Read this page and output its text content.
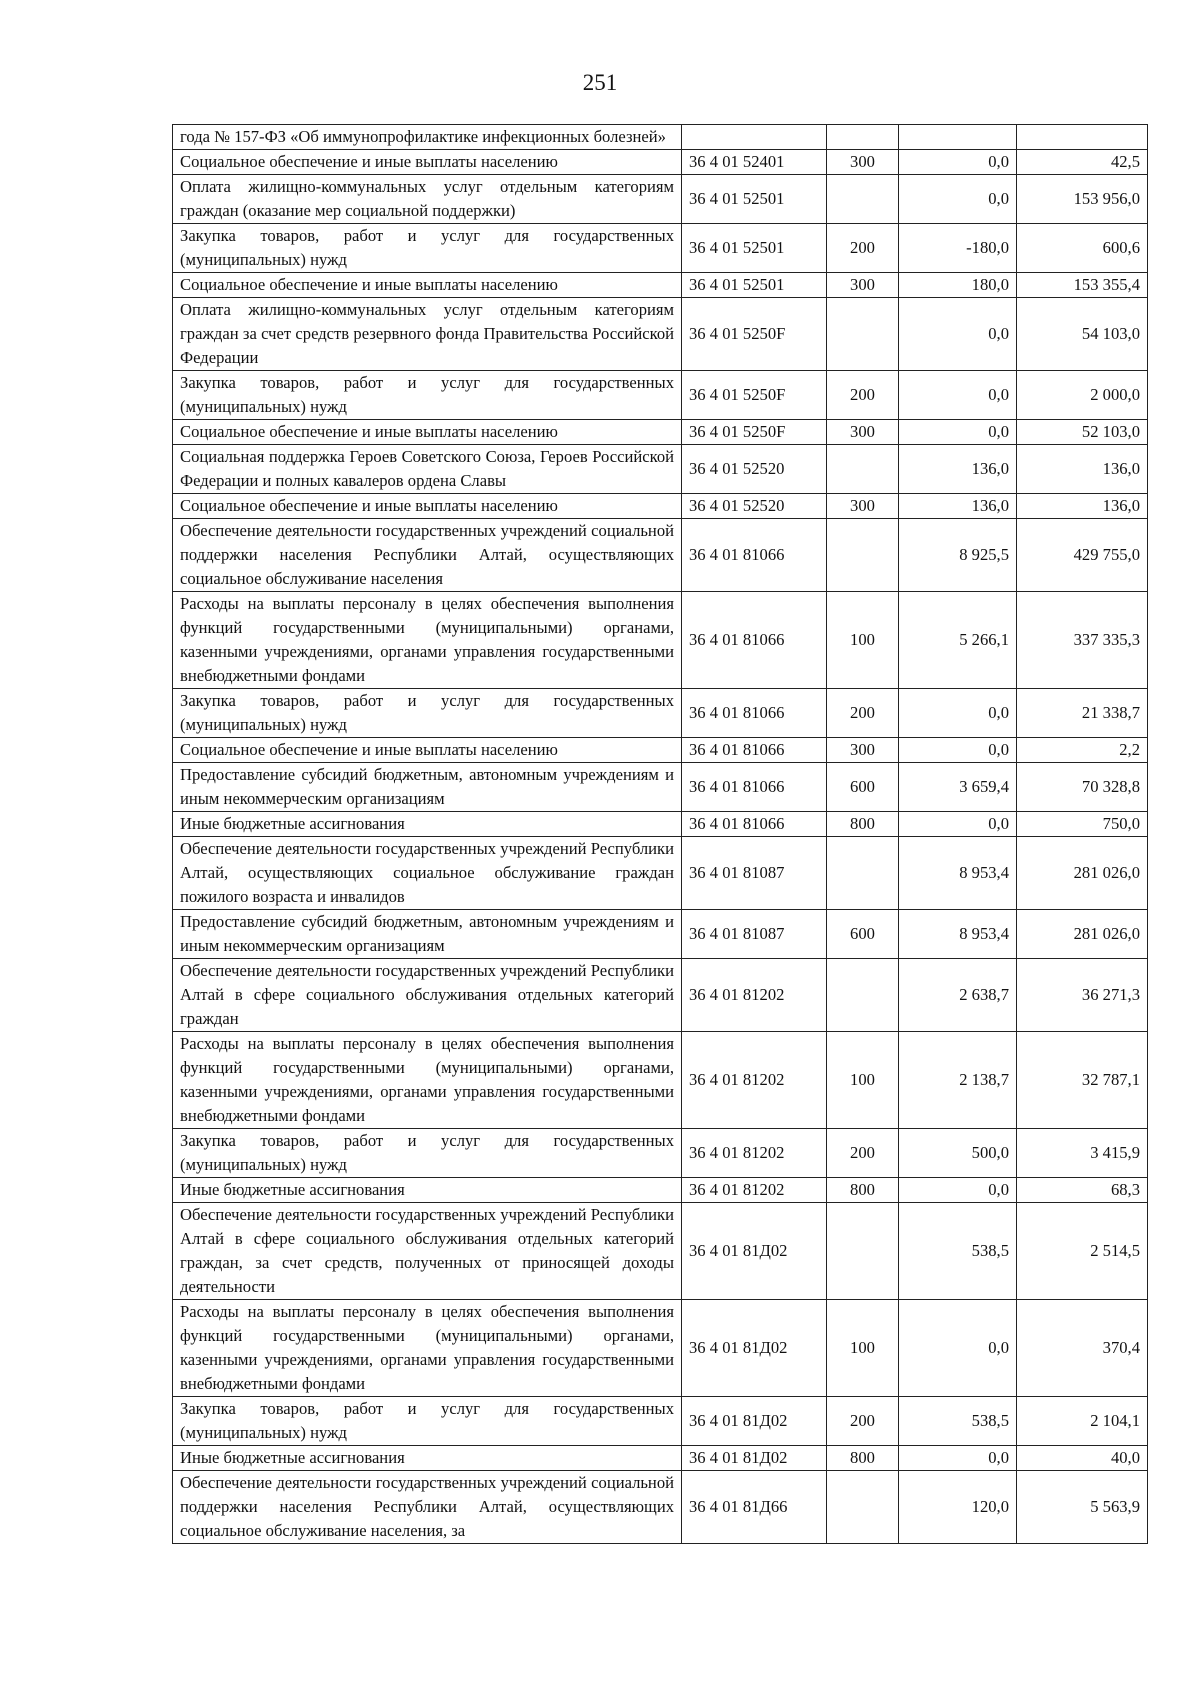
251
года № 157-ФЗ «Об иммунопрофилактике инфекционных болезней»				
Социальное обеспечение и иные выплаты населению	36 4 01 52401	300	0,0	42,5
Оплата жилищно-коммунальных услуг отдельным категориям граждан (оказание мер социальной поддержки)	36 4 01 52501		0,0	153 956,0
Закупка товаров, работ и услуг для государственных (муниципальных) нужд	36 4 01 52501	200	-180,0	600,6
Социальное обеспечение и иные выплаты населению	36 4 01 52501	300	180,0	153 355,4
Оплата жилищно-коммунальных услуг отдельным категориям граждан за счет средств резервного фонда Правительства Российской Федерации	36 4 01 5250F		0,0	54 103,0
Закупка товаров, работ и услуг для государственных (муниципальных) нужд	36 4 01 5250F	200	0,0	2 000,0
Социальное обеспечение и иные выплаты населению	36 4 01 5250F	300	0,0	52 103,0
Социальная поддержка Героев Советского Союза, Героев Российской Федерации и полных кавалеров ордена Славы	36 4 01 52520		136,0	136,0
Социальное обеспечение и иные выплаты населению	36 4 01 52520	300	136,0	136,0
Обеспечение деятельности государственных учреждений социальной поддержки населения Республики Алтай, осуществляющих социальное обслуживание населения	36 4 01 81066		8 925,5	429 755,0
Расходы на выплаты персоналу в целях обеспечения выполнения функций государственными (муниципальными) органами, казенными учреждениями, органами управления государственными внебюджетными фондами	36 4 01 81066	100	5 266,1	337 335,3
Закупка товаров, работ и услуг для государственных (муниципальных) нужд	36 4 01 81066	200	0,0	21 338,7
Социальное обеспечение и иные выплаты населению	36 4 01 81066	300	0,0	2,2
Предоставление субсидий бюджетным, автономным учреждениям и иным некоммерческим организациям	36 4 01 81066	600	3 659,4	70 328,8
Иные бюджетные ассигнования	36 4 01 81066	800	0,0	750,0
Обеспечение деятельности государственных учреждений Республики Алтай, осуществляющих социальное обслуживание граждан пожилого возраста и инвалидов	36 4 01 81087		8 953,4	281 026,0
Предоставление субсидий бюджетным, автономным учреждениям и иным некоммерческим организациям	36 4 01 81087	600	8 953,4	281 026,0
Обеспечение деятельности государственных учреждений Республики Алтай в сфере социального обслуживания отдельных категорий граждан	36 4 01 81202		2 638,7	36 271,3
Расходы на выплаты персоналу в целях обеспечения выполнения функций государственными (муниципальными) органами, казенными учреждениями, органами управления государственными внебюджетными фондами	36 4 01 81202	100	2 138,7	32 787,1
Закупка товаров, работ и услуг для государственных (муниципальных) нужд	36 4 01 81202	200	500,0	3 415,9
Иные бюджетные ассигнования	36 4 01 81202	800	0,0	68,3
Обеспечение деятельности государственных учреждений Республики Алтай в сфере социального обслуживания отдельных категорий граждан, за счет средств, полученных от приносящей доходы деятельности	36 4 01 81Д02		538,5	2 514,5
Расходы на выплаты персоналу в целях обеспечения выполнения функций государственными (муниципальными) органами, казенными учреждениями, органами управления государственными внебюджетными фондами	36 4 01 81Д02	100	0,0	370,4
Закупка товаров, работ и услуг для государственных (муниципальных) нужд	36 4 01 81Д02	200	538,5	2 104,1
Иные бюджетные ассигнования	36 4 01 81Д02	800	0,0	40,0
Обеспечение деятельности государственных учреждений социальной поддержки населения Республики Алтай, осуществляющих социальное обслуживание населения, за	36 4 01 81Д66		120,0	5 563,9
